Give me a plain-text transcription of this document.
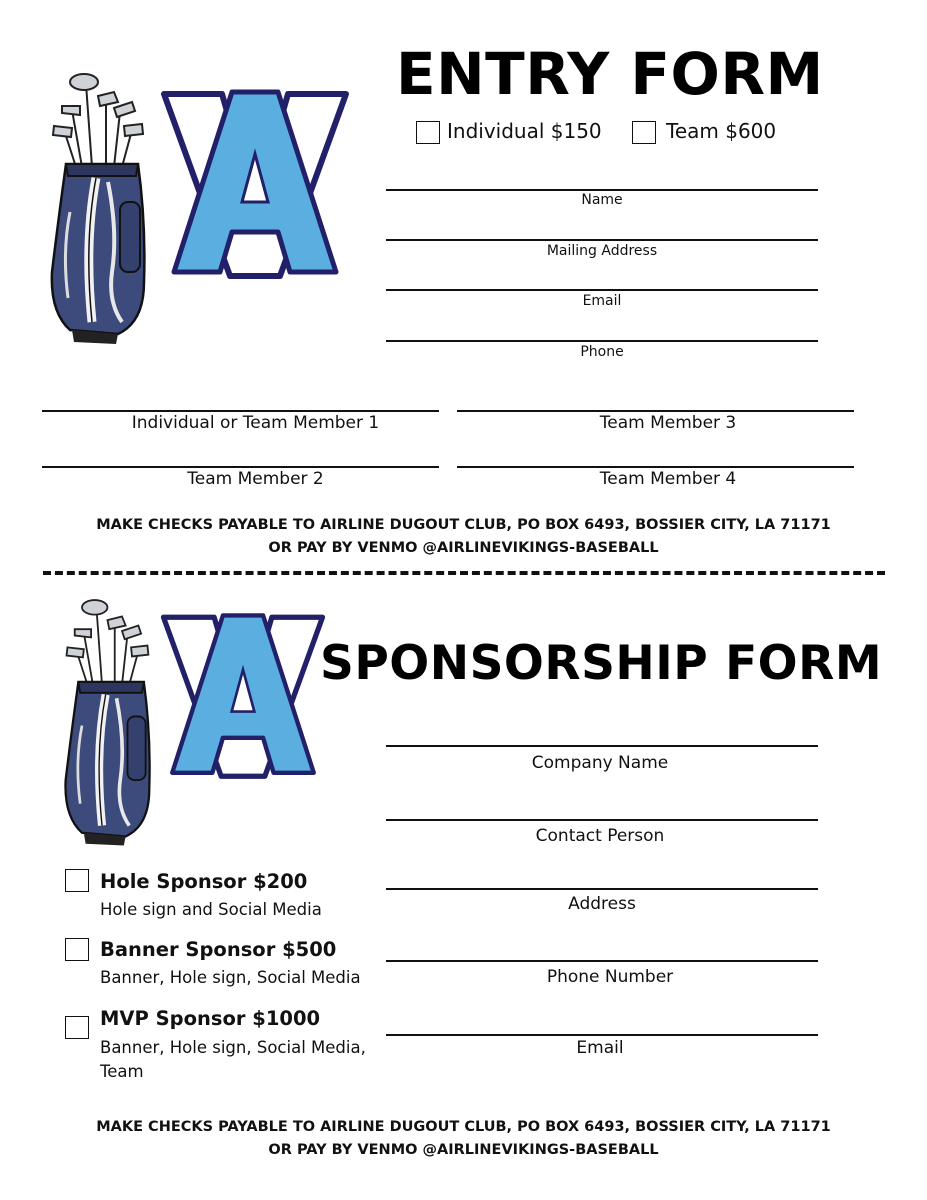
ENTRY FORM
Individual $150	Team $600
Name
Mailing Address
Email
Phone
Individual or Team Member 1	Team Member 3
Team Member 2	Team Member 4
MAKE CHECKS PAYABLE TO AIRLINE DUGOUT CLUB, PO BOX 6493, BOSSIER CITY, LA 71171
OR PAY BY VENMO @AIRLINEVIKINGS-BASEBALL
SPONSORSHIP FORM
Company Name
Contact Person
Address
Phone Number
Email
Hole Sponsor $200
Hole sign and Social Media
Banner Sponsor $500
Banner, Hole sign, Social Media
MVP Sponsor $1000
Banner, Hole sign, Social Media, Team
MAKE CHECKS PAYABLE TO AIRLINE DUGOUT CLUB, PO BOX 6493, BOSSIER CITY, LA 71171
OR PAY BY VENMO @AIRLINEVIKINGS-BASEBALL
